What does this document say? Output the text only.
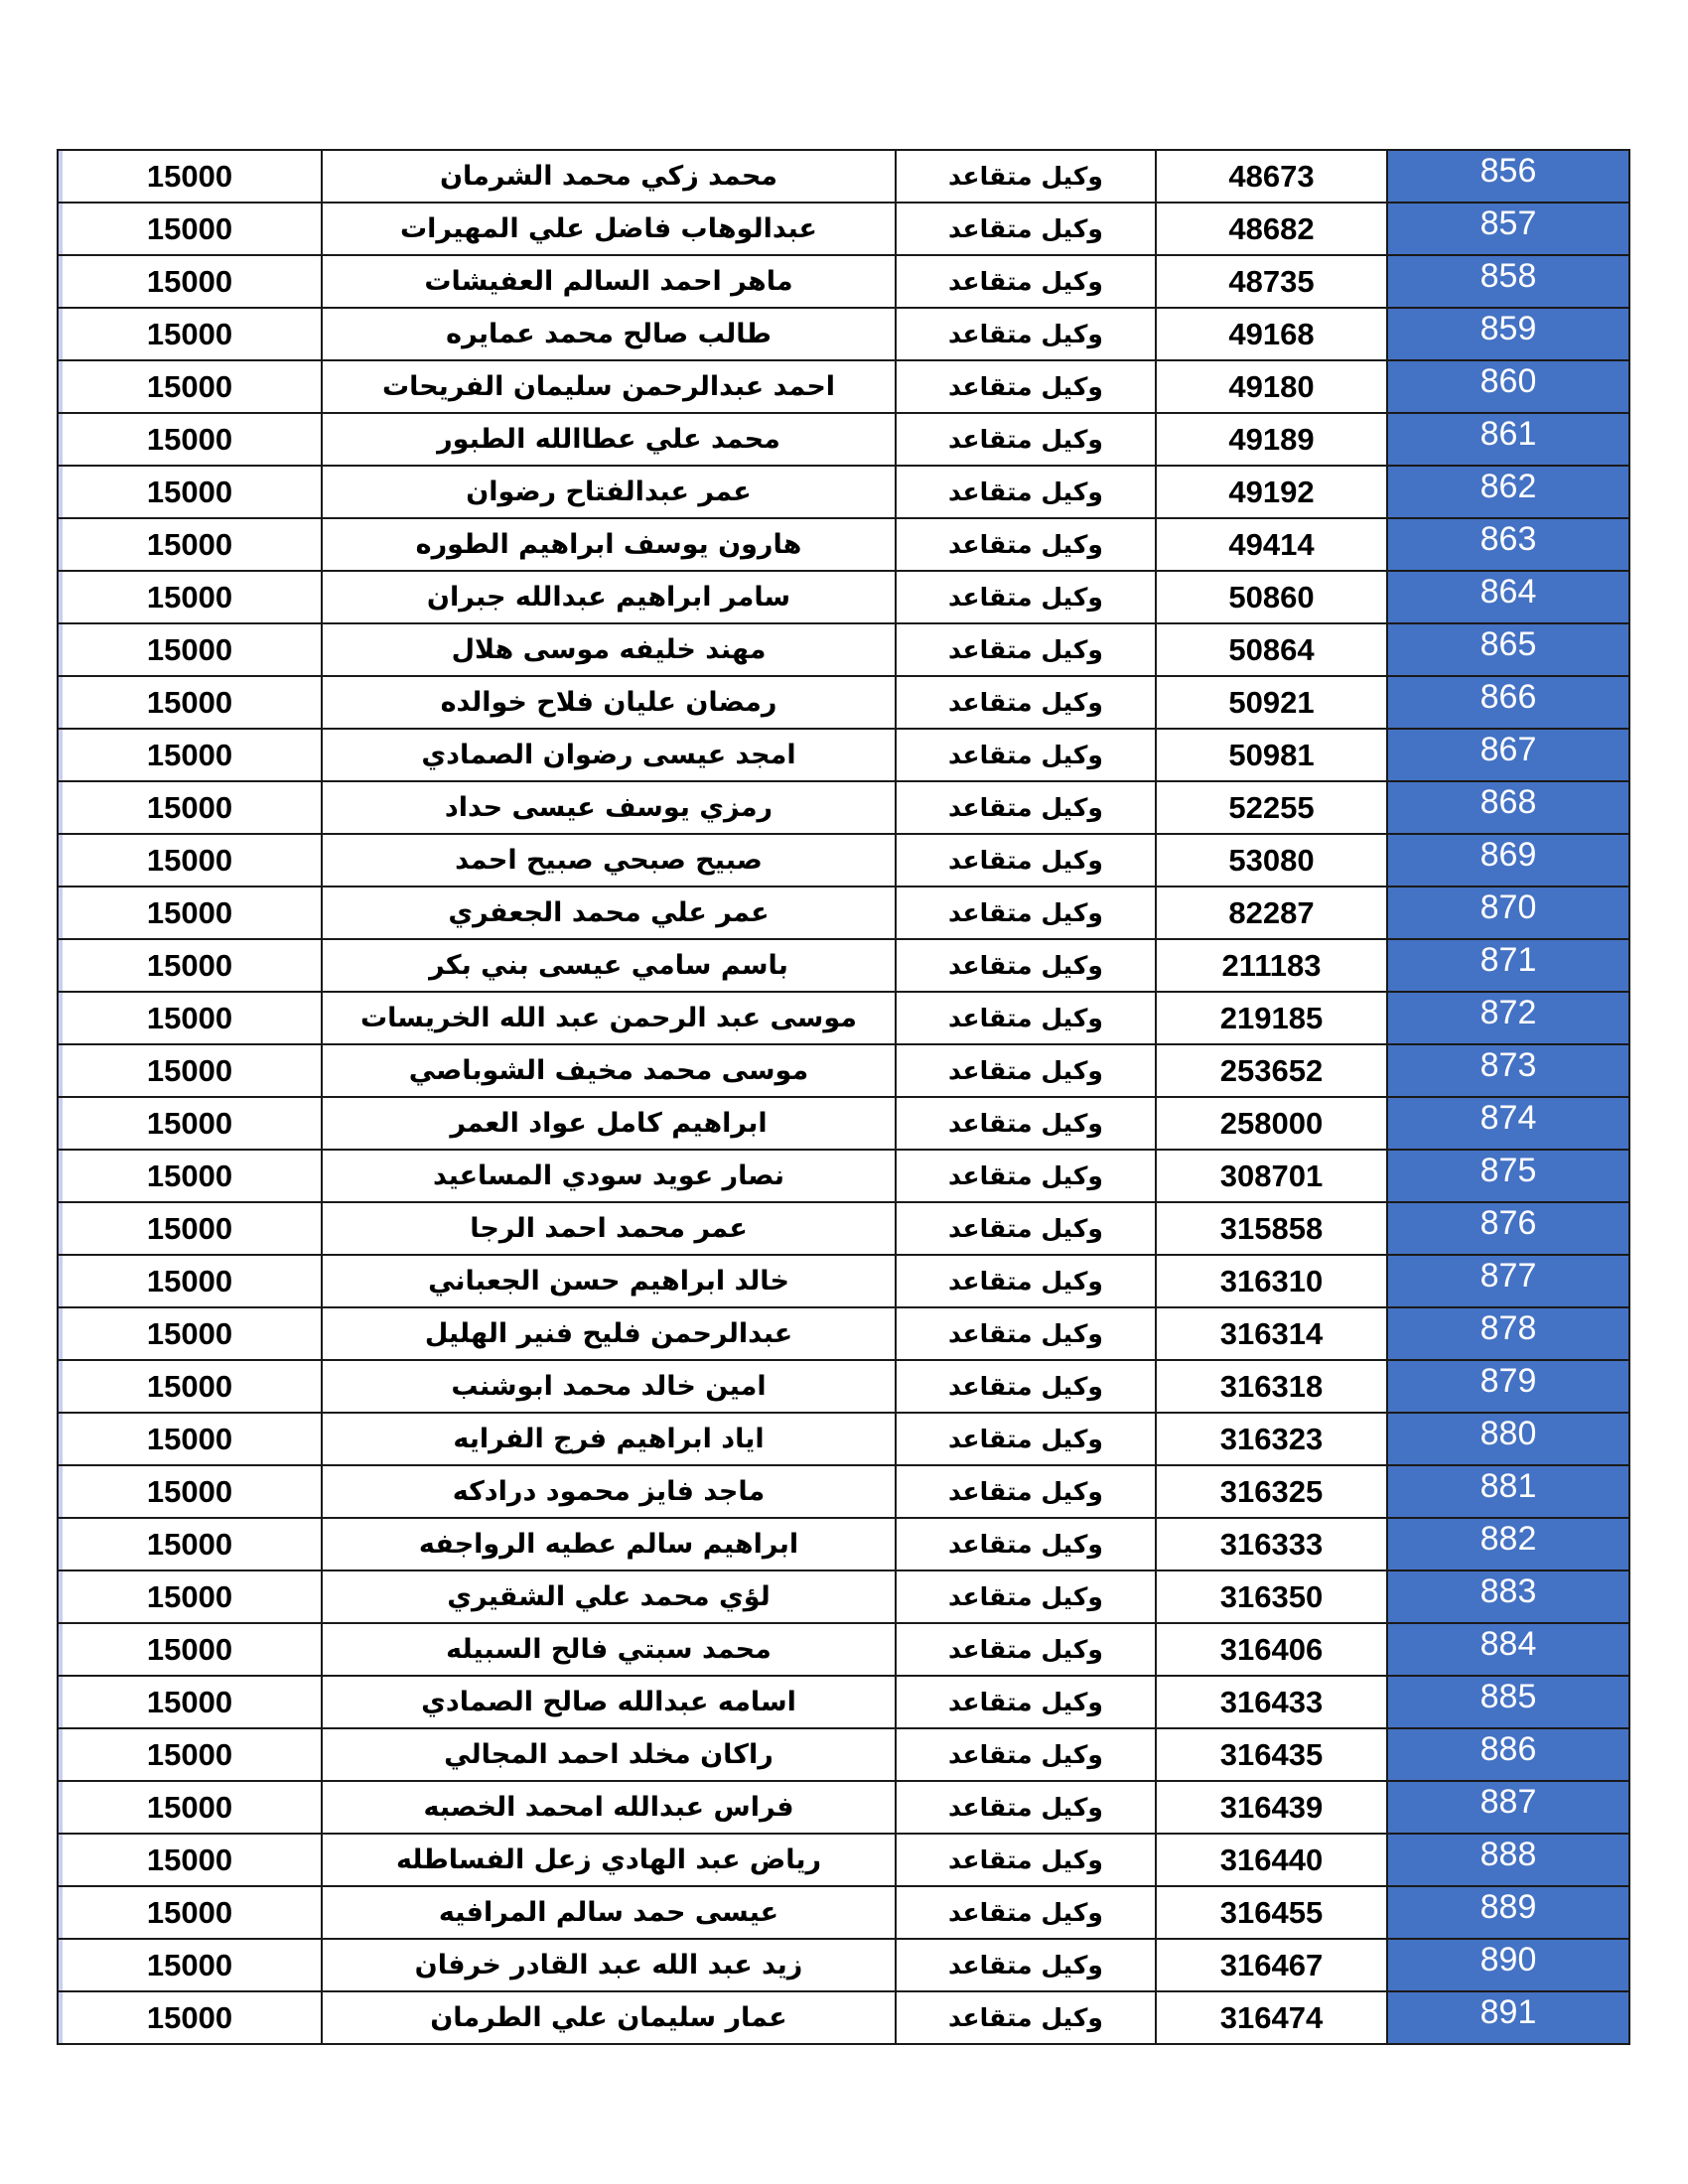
15000	محمد زكي محمد الشرمان	وكيل متقاعد	48673	856
15000	عبدالوهاب فاضل علي المهيرات	وكيل متقاعد	48682	857
15000	ماهر احمد السالم العفيشات	وكيل متقاعد	48735	858
15000	طالب صالح محمد عمايره	وكيل متقاعد	49168	859
15000	احمد عبدالرحمن سليمان الفريحات	وكيل متقاعد	49180	860
15000	محمد علي عطاالله الطبور	وكيل متقاعد	49189	861
15000	عمر عبدالفتاح رضوان	وكيل متقاعد	49192	862
15000	هارون يوسف ابراهيم الطوره	وكيل متقاعد	49414	863
15000	سامر ابراهيم عبدالله جبران	وكيل متقاعد	50860	864
15000	مهند خليفه موسى هلال	وكيل متقاعد	50864	865
15000	رمضان عليان فلاح خوالده	وكيل متقاعد	50921	866
15000	امجد عيسى رضوان الصمادي	وكيل متقاعد	50981	867
15000	رمزي يوسف عيسى حداد	وكيل متقاعد	52255	868
15000	صبيح صبحي صبيح احمد	وكيل متقاعد	53080	869
15000	عمر علي محمد الجعفري	وكيل متقاعد	82287	870
15000	باسم سامي عيسى بني بكر	وكيل متقاعد	211183	871
15000	موسى عبد الرحمن عبد الله الخريسات	وكيل متقاعد	219185	872
15000	موسى محمد مخيف الشوباصي	وكيل متقاعد	253652	873
15000	ابراهيم كامل عواد العمر	وكيل متقاعد	258000	874
15000	نصار عويد سودي المساعيد	وكيل متقاعد	308701	875
15000	عمر محمد احمد الرجا	وكيل متقاعد	315858	876
15000	خالد ابراهيم حسن الجعباني	وكيل متقاعد	316310	877
15000	عبدالرحمن فليح فنير الهليل	وكيل متقاعد	316314	878
15000	امين خالد محمد ابوشنب	وكيل متقاعد	316318	879
15000	اياد ابراهيم فرج الفرايه	وكيل متقاعد	316323	880
15000	ماجد فايز محمود درادكه	وكيل متقاعد	316325	881
15000	ابراهيم سالم عطيه الرواجفه	وكيل متقاعد	316333	882
15000	لؤي محمد علي الشقيري	وكيل متقاعد	316350	883
15000	محمد سبتي فالح السبيله	وكيل متقاعد	316406	884
15000	اسامه عبدالله صالح الصمادي	وكيل متقاعد	316433	885
15000	راكان مخلد احمد المجالي	وكيل متقاعد	316435	886
15000	فراس عبدالله امحمد الخصبه	وكيل متقاعد	316439	887
15000	رياض عبد الهادي زعل الفساطله	وكيل متقاعد	316440	888
15000	عيسى حمد سالم المرافيه	وكيل متقاعد	316455	889
15000	زيد عبد الله عبد القادر خرفان	وكيل متقاعد	316467	890
15000	عمار سليمان علي الطرمان	وكيل متقاعد	316474	891
